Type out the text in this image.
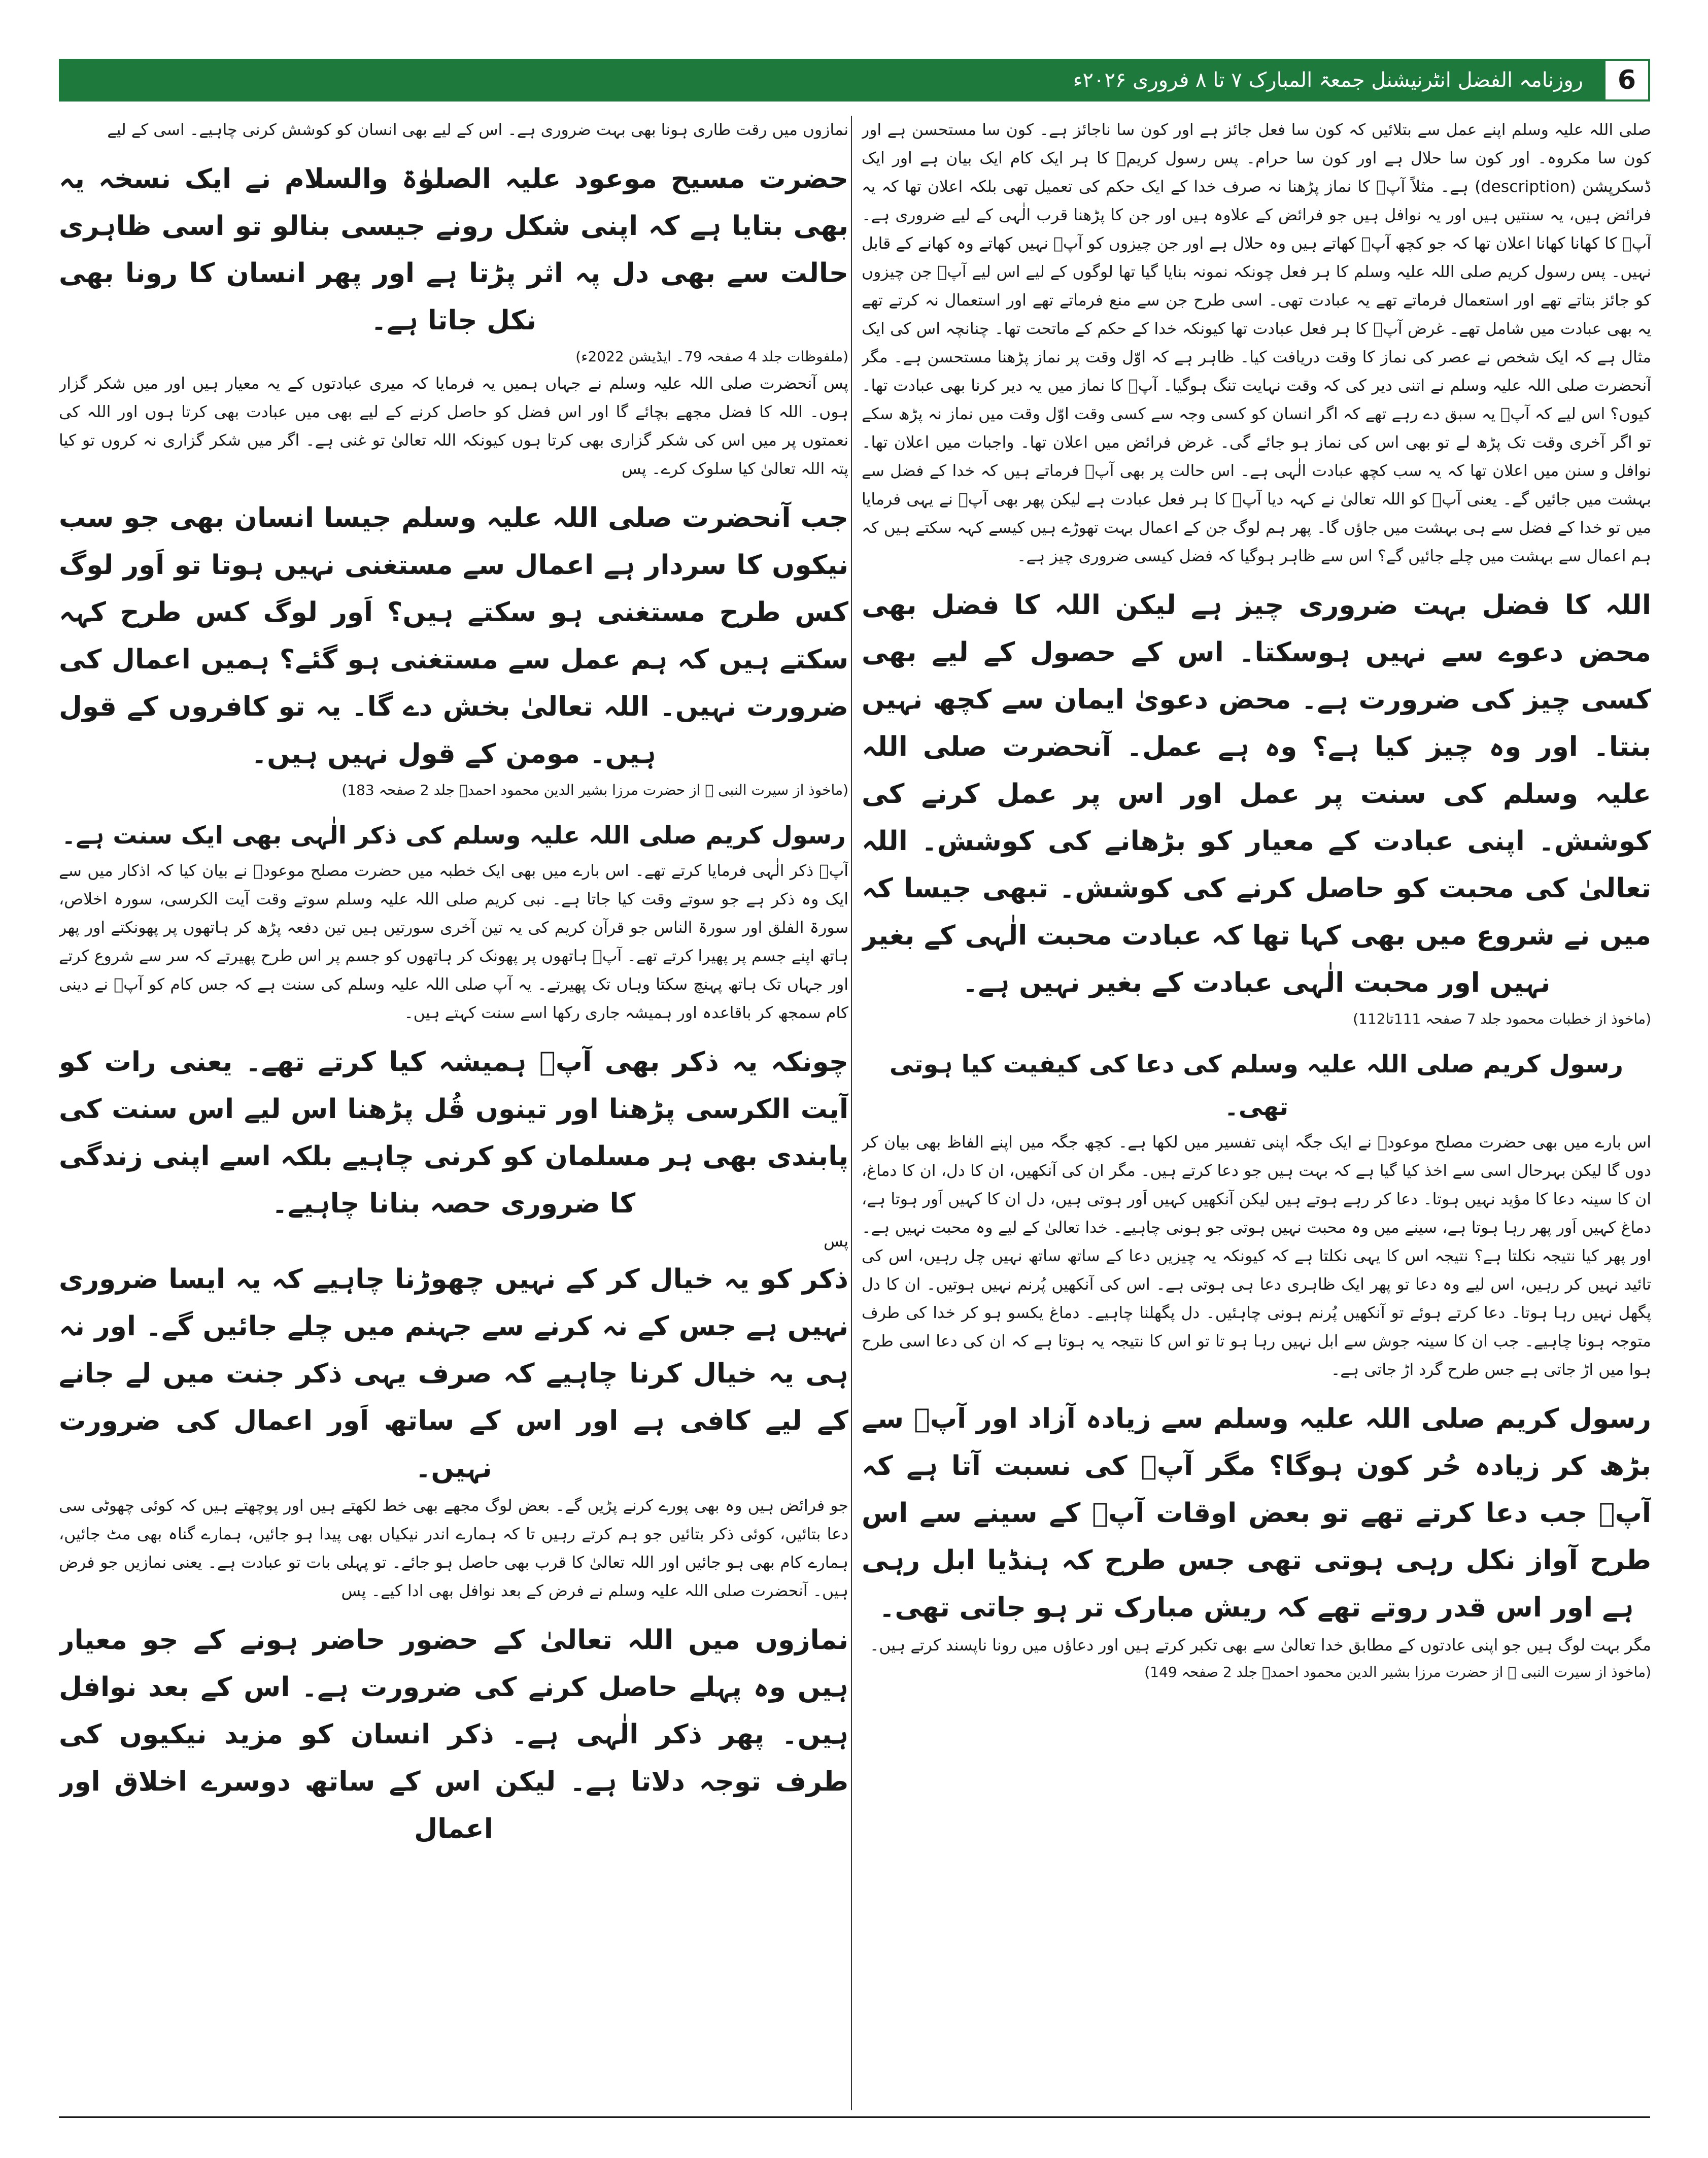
روزنامہ الفضل انٹرنیشنل جمعۃ المبارک ۷ تا ۸ فروری ۲۰۲۶ء	6

صلی اللہ علیہ وسلم اپنے عمل سے بتلائیں کہ کون سا فعل جائز ہے اور کون سا ناجائز ہے۔ کون سا مستحسن ہے اور کون سا مکروہ۔ اور کون سا حلال ہے اور کون سا حرام۔ پس رسول کریمؐ کا ہر ایک کام ایک بیان ہے اور ایک ڈسکرپشن (description) ہے۔ مثلاً آپؐ کا نماز پڑھنا نہ صرف خدا کے ایک حکم کی تعمیل تھی بلکہ اعلان تھا کہ یہ فرائض ہیں، یہ سنتیں ہیں اور یہ نوافل ہیں جو فرائض کے علاوہ ہیں اور جن کا پڑھنا قرب الٰہی کے لیے ضروری ہے۔ آپؐ کا کھانا کھانا اعلان تھا کہ جو کچھ آپؐ کھاتے ہیں وہ حلال ہے اور جن چیزوں کو آپؐ نہیں کھاتے وہ کھانے کے قابل نہیں۔ پس رسول کریم صلی اللہ علیہ وسلم کا ہر فعل چونکہ نمونہ بنایا گیا تھا لوگوں کے لیے اس لیے آپؐ جن چیزوں کو جائز بتاتے تھے اور استعمال فرماتے تھے یہ عبادت تھی۔ اسی طرح جن سے منع فرماتے تھے اور استعمال نہ کرتے تھے یہ بھی عبادت میں شامل تھے۔ غرض آپؐ کا ہر فعل عبادت تھا کیونکہ خدا کے حکم کے ماتحت تھا۔ چنانچہ اس کی ایک مثال ہے کہ ایک شخص نے عصر کی نماز کا وقت دریافت کیا۔ ظاہر ہے کہ اوّل وقت پر نماز پڑھنا مستحسن ہے۔ مگر آنحضرت صلی اللہ علیہ وسلم نے اتنی دیر کی کہ وقت نہایت تنگ ہوگیا۔ آپؐ کا نماز میں یہ دیر کرنا بھی عبادت تھا۔ کیوں؟ اس لیے کہ آپؐ یہ سبق دے رہے تھے کہ اگر انسان کو کسی وجہ سے کسی وقت اوّل وقت میں نماز نہ پڑھ سکے تو اگر آخری وقت تک پڑھ لے تو بھی اس کی نماز ہو جائے گی۔ غرض فرائض میں اعلان تھا۔ واجبات میں اعلان تھا۔ نوافل و سنن میں اعلان تھا کہ یہ سب کچھ عبادت الٰہی ہے۔ اس حالت پر بھی آپؐ فرماتے ہیں کہ خدا کے فضل سے بہشت میں جائیں گے۔ یعنی آپؐ کو اللہ تعالیٰ نے کہہ دیا آپؐ کا ہر فعل عبادت ہے لیکن پھر بھی آپؐ نے یہی فرمایا میں تو خدا کے فضل سے ہی بہشت میں جاؤں گا۔ پھر ہم لوگ جن کے اعمال بہت تھوڑے ہیں کیسے کہہ سکتے ہیں کہ ہم اعمال سے بہشت میں چلے جائیں گے؟ اس سے ظاہر ہوگیا کہ فضل کیسی ضروری چیز ہے۔

اللہ کا فضل بہت ضروری چیز ہے لیکن اللہ کا فضل بھی محض دعوے سے نہیں ہوسکتا۔ اس کے حصول کے لیے بھی کسی چیز کی ضرورت ہے۔ محض دعویٰ ایمان سے کچھ نہیں بنتا۔ اور وہ چیز کیا ہے؟ وہ ہے عمل۔ آنحضرت صلی اللہ علیہ وسلم کی سنت پر عمل اور اس پر عمل کرنے کی کوشش۔ اپنی عبادت کے معیار کو بڑھانے کی کوشش۔ اللہ تعالیٰ کی محبت کو حاصل کرنے کی کوشش۔ تبھی جیسا کہ میں نے شروع میں بھی کہا تھا کہ عبادت محبت الٰہی کے بغیر نہیں اور محبت الٰہی عبادت کے بغیر نہیں ہے۔

(ماخوذ از خطبات محمود جلد 7 صفحہ 111تا112)

رسول کریم صلی اللہ علیہ وسلم کی دعا کی کیفیت کیا ہوتی تھی۔

اس بارے میں بھی حضرت مصلح موعودؓ نے ایک جگہ اپنی تفسیر میں لکھا ہے۔ کچھ جگہ میں اپنے الفاظ بھی بیان کر دوں گا لیکن بہرحال اسی سے اخذ کیا گیا ہے کہ بہت ہیں جو دعا کرتے ہیں۔ مگر ان کی آنکھیں، ان کا دل، ان کا دماغ، ان کا سینہ دعا کا مؤید نہیں ہوتا۔ دعا کر رہے ہوتے ہیں لیکن آنکھیں کہیں اَور ہوتی ہیں، دل ان کا کہیں اَور ہوتا ہے، دماغ کہیں اَور پھر رہا ہوتا ہے، سینے میں وہ محبت نہیں ہوتی جو ہونی چاہیے۔ خدا تعالیٰ کے لیے وہ محبت نہیں ہے۔ اور پھر کیا نتیجہ نکلتا ہے؟ نتیجہ اس کا یہی نکلتا ہے کہ کیونکہ یہ چیزیں دعا کے ساتھ ساتھ نہیں چل رہیں، اس کی تائید نہیں کر رہیں، اس لیے وہ دعا تو پھر ایک ظاہری دعا ہی ہوتی ہے۔ اس کی آنکھیں پُرنم نہیں ہوتیں۔ ان کا دل پگھل نہیں رہا ہوتا۔ دعا کرتے ہوئے تو آنکھیں پُرنم ہونی چاہئیں۔ دل پگھلنا چاہیے۔ دماغ یکسو ہو کر خدا کی طرف متوجہ ہونا چاہیے۔ جب ان کا سینہ جوش سے ابل نہیں رہا ہو تا تو اس کا نتیجہ یہ ہوتا ہے کہ ان کی دعا اسی طرح ہوا میں اڑ جاتی ہے جس طرح گرد اڑ جاتی ہے۔

رسول کریم صلی اللہ علیہ وسلم سے زیادہ آزاد اور آپؐ سے بڑھ کر زیادہ حُر کون ہوگا؟ مگر آپؐ کی نسبت آتا ہے کہ آپؐ جب دعا کرتے تھے تو بعض اوقات آپؐ کے سینے سے اس طرح آواز نکل رہی ہوتی تھی جس طرح کہ ہنڈیا ابل رہی ہے اور اس قدر روتے تھے کہ ریش مبارک تر ہو جاتی تھی۔

مگر بہت لوگ ہیں جو اپنی عادتوں کے مطابق خدا تعالیٰ سے بھی تکبر کرتے ہیں اور دعاؤں میں رونا ناپسند کرتے ہیں۔

(ماخوذ از سیرت النبی ﷺ از حضرت مرزا بشیر الدین محمود احمدؓ جلد 2 صفحہ 149)

نمازوں میں رقت طاری ہونا بھی بہت ضروری ہے۔ اس کے لیے بھی انسان کو کوشش کرنی چاہیے۔ اسی کے لیے

حضرت مسیح موعود علیہ الصلوٰۃ والسلام نے ایک نسخہ یہ بھی بتایا ہے کہ اپنی شکل رونے جیسی بنالو تو اسی ظاہری حالت سے بھی دل پہ اثر پڑتا ہے اور پھر انسان کا رونا بھی نکل جاتا ہے۔

(ملفوظات جلد 4 صفحہ 79۔ ایڈیشن 2022ء)

پس آنحضرت صلی اللہ علیہ وسلم نے جہاں ہمیں یہ فرمایا کہ میری عبادتوں کے یہ معیار ہیں اور میں شکر گزار ہوں۔ اللہ کا فضل مجھے بچائے گا اور اس فضل کو حاصل کرنے کے لیے بھی میں عبادت بھی کرتا ہوں اور اللہ کی نعمتوں پر میں اس کی شکر گزاری بھی کرتا ہوں کیونکہ اللہ تعالیٰ تو غنی ہے۔ اگر میں شکر گزاری نہ کروں تو کیا پتہ اللہ تعالیٰ کیا سلوک کرے۔ پس

جب آنحضرت صلی اللہ علیہ وسلم جیسا انسان بھی جو سب نیکوں کا سردار ہے اعمال سے مستغنی نہیں ہوتا تو اَور لوگ کس طرح مستغنی ہو سکتے ہیں؟ اَور لوگ کس طرح کہہ سکتے ہیں کہ ہم عمل سے مستغنی ہو گئے؟ ہمیں اعمال کی ضرورت نہیں۔ اللہ تعالیٰ بخش دے گا۔ یہ تو کافروں کے قول ہیں۔ مومن کے قول نہیں ہیں۔

(ماخوذ از سیرت النبی ﷺ از حضرت مرزا بشیر الدین محمود احمدؓ جلد 2 صفحہ 183)

رسول کریم صلی اللہ علیہ وسلم کی ذکر الٰہی بھی ایک سنت ہے۔

آپؐ ذکر الٰہی فرمایا کرتے تھے۔ اس بارے میں بھی ایک خطبہ میں حضرت مصلح موعودؓ نے بیان کیا کہ اذکار میں سے ایک وہ ذکر ہے جو سوتے وقت کیا جاتا ہے۔ نبی کریم صلی اللہ علیہ وسلم سوتے وقت آیت الکرسی، سورہ اخلاص، سورۃ الفلق اور سورۃ الناس جو قرآن کریم کی یہ تین آخری سورتیں ہیں تین دفعہ پڑھ کر ہاتھوں پر پھونکتے اور پھر ہاتھ اپنے جسم پر پھیرا کرتے تھے۔ آپؐ ہاتھوں پر پھونک کر ہاتھوں کو جسم پر اس طرح پھیرتے کہ سر سے شروع کرتے اور جہاں تک ہاتھ پہنچ سکتا وہاں تک پھیرتے۔ یہ آپ صلی اللہ علیہ وسلم کی سنت ہے کہ جس کام کو آپؐ نے دینی کام سمجھ کر باقاعدہ اور ہمیشہ جاری رکھا اسے سنت کہتے ہیں۔

چونکہ یہ ذکر بھی آپؐ ہمیشہ کیا کرتے تھے۔ یعنی رات کو آیت الکرسی پڑھنا اور تینوں قُل پڑھنا اس لیے اس سنت کی پابندی بھی ہر مسلمان کو کرنی چاہیے بلکہ اسے اپنی زندگی کا ضروری حصہ بنانا چاہیے۔

پس

ذکر کو یہ خیال کر کے نہیں چھوڑنا چاہیے کہ یہ ایسا ضروری نہیں ہے جس کے نہ کرنے سے جہنم میں چلے جائیں گے۔ اور نہ ہی یہ خیال کرنا چاہیے کہ صرف یہی ذکر جنت میں لے جانے کے لیے کافی ہے اور اس کے ساتھ اَور اعمال کی ضرورت نہیں۔

جو فرائض ہیں وہ بھی پورے کرنے پڑیں گے۔ بعض لوگ مجھے بھی خط لکھتے ہیں اور پوچھتے ہیں کہ کوئی چھوٹی سی دعا بتائیں، کوئی ذکر بتائیں جو ہم کرتے رہیں تا کہ ہمارے اندر نیکیاں بھی پیدا ہو جائیں، ہمارے گناہ بھی مٹ جائیں، ہمارے کام بھی ہو جائیں اور اللہ تعالیٰ کا قرب بھی حاصل ہو جائے۔ تو پہلی بات تو عبادت ہے۔ یعنی نمازیں جو فرض ہیں۔ آنحضرت صلی اللہ علیہ وسلم نے فرض کے بعد نوافل بھی ادا کیے۔ پس

نمازوں میں اللہ تعالیٰ کے حضور حاضر ہونے کے جو معیار ہیں وہ پہلے حاصل کرنے کی ضرورت ہے۔ اس کے بعد نوافل ہیں۔ پھر ذکر الٰہی ہے۔ ذکر انسان کو مزید نیکیوں کی طرف توجہ دلاتا ہے۔ لیکن اس کے ساتھ دوسرے اخلاق اور اعمال
